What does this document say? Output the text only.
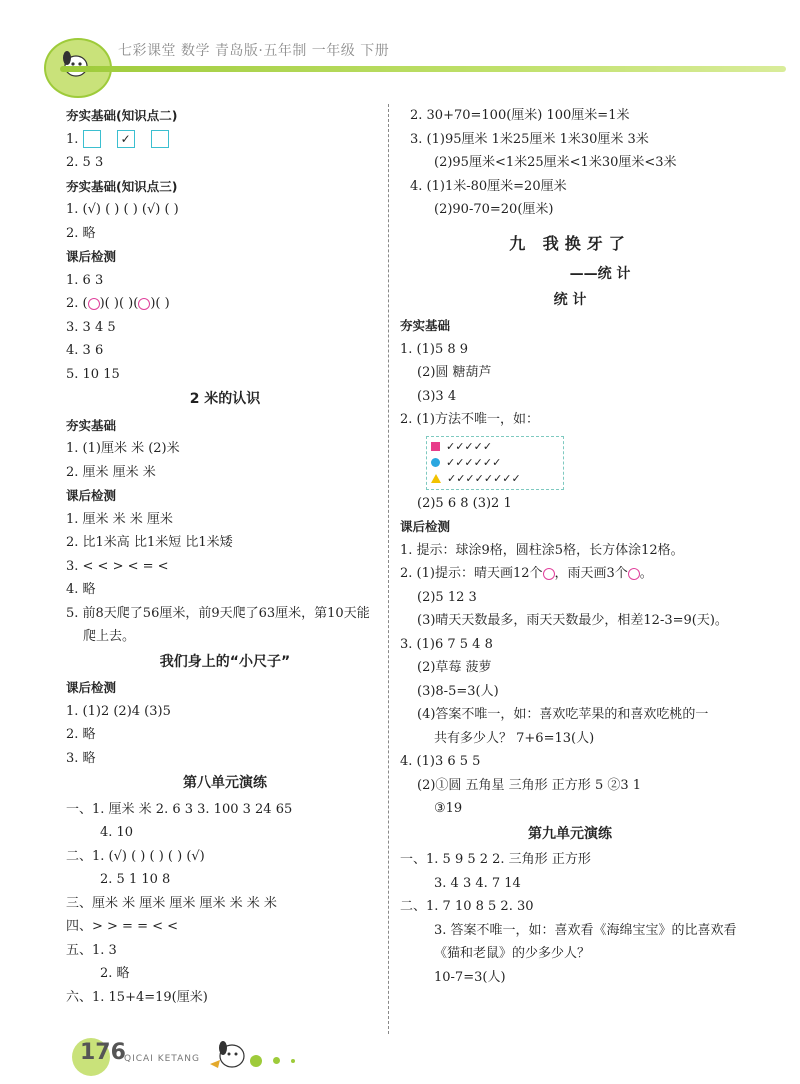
七彩课堂 数学 青岛版·五年制 一年级 下册
夯实基础(知识点二)
1.	✓
2. 5 3
夯实基础(知识点三)
1. (√) ( ) ( ) (√) ( )
2. 略
课后检测
1. 6 3
2. ( )( )( )( )( )
3. 3 4 5
4. 3 6
5. 10 15
2 米的认识
夯实基础
1. (1)厘米 米 (2)米
2. 厘米 厘米 米
课后检测
1. 厘米 米 米 厘米
2. 比1米高 比1米短 比1米矮
3. < < > < = <
4. 略
5. 前8天爬了56厘米，前9天爬了63厘米，第10天能
爬上去。
我们身上的“小尺子”
课后检测
1. (1)2 (2)4 (3)5
2. 略
3. 略
第八单元演练
一、1. 厘米 米 2. 6 3 3. 100 3 24 65
4. 10
二、1. (√) ( ) ( ) ( ) (√)
2. 5 1 10 8
三、厘米 米 厘米 厘米 厘米 米 米 米
四、> > = = < <
五、1. 3
2. 略
六、1. 15+4=19(厘米)
2. 30+70=100(厘米) 100厘米=1米
3. (1)95厘米 1米25厘米 1米30厘米 3米
(2)95厘米<1米25厘米<1米30厘米<3米
4. (1)1米-80厘米=20厘米
(2)90-70=20(厘米)
九 我换牙了
——统 计
统 计
夯实基础
1. (1)5 8 9
(2)圆 糖葫芦
(3)3 4
2. (1)方法不唯一，如：
✓✓✓✓✓
✓✓✓✓✓✓
✓✓✓✓✓✓✓✓
(2)5 6 8 (3)2 1
课后检测
1. 提示：球涂9格，圆柱涂5格，长方体涂12格。
2. (1)提示：晴天画12个 ，雨天画3个 。
(2)5 12 3
(3)晴天天数最多，雨天天数最少，相差12-3=9(天)。
3. (1)6 7 5 4 8
(2)草莓 菠萝
(3)8-5=3(人)
(4)答案不唯一，如：喜欢吃苹果的和喜欢吃桃的一
共有多少人？ 7+6=13(人)
4. (1)3 6 5 5
(2)①圆 五角星 三角形 正方形 5 ②3 1
③19
第九单元演练
一、1. 5 9 5 2 2. 三角形 正方形
3. 4 3 4. 7 14
二、1. 7 10 8 5 2. 30
3. 答案不唯一，如：喜欢看《海绵宝宝》的比喜欢看
《猫和老鼠》的少多少人？
10-7=3(人)
176
QICAI KETANG
